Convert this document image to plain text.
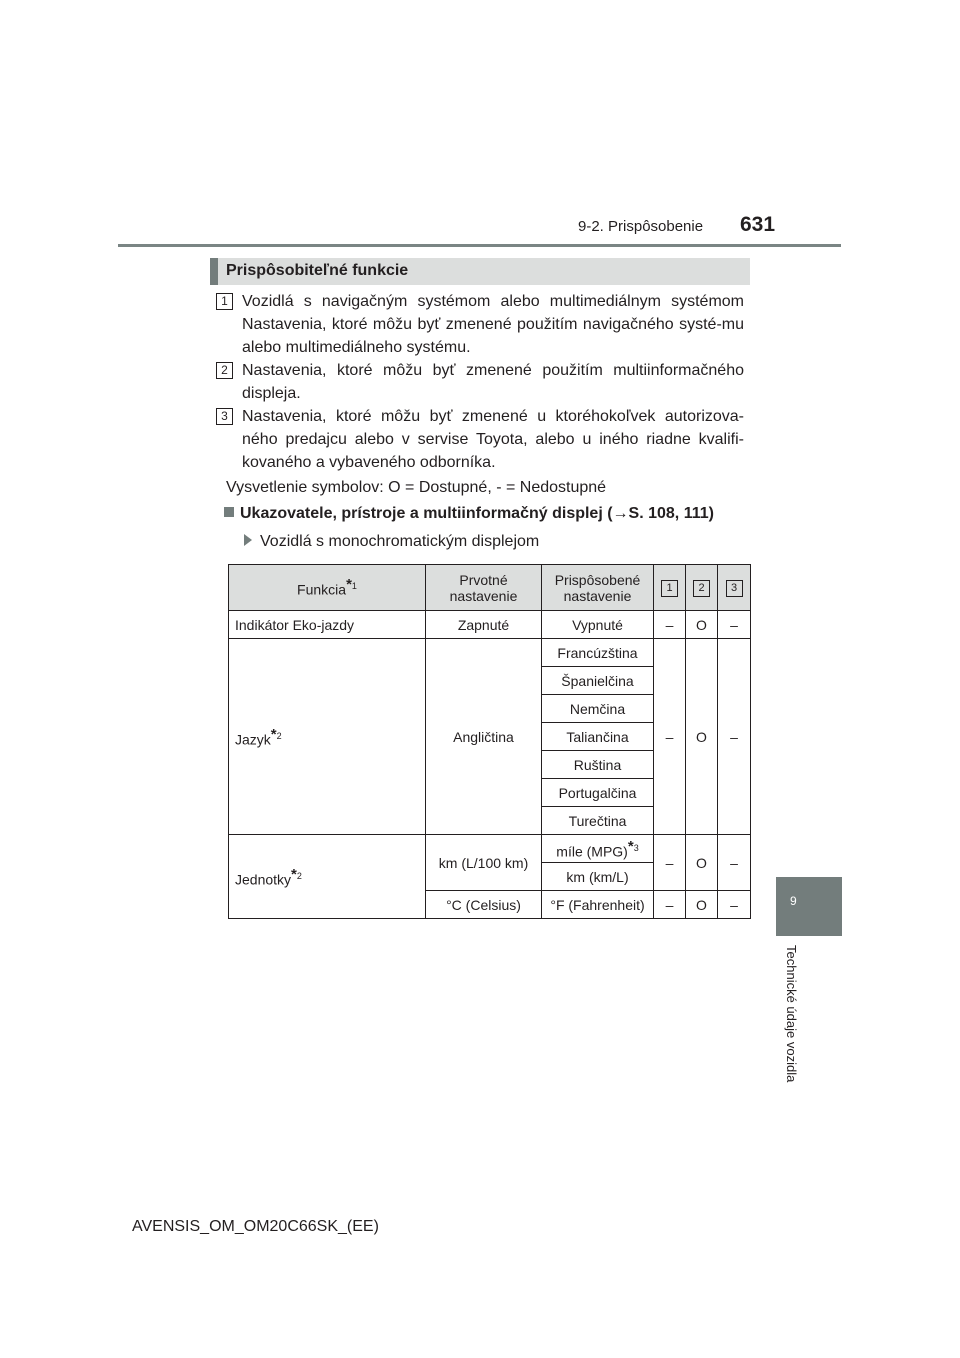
9-2. Prispôsobenie 631
9
Technické údaje vozidla
Prispôsobiteľné funkcie
1 Vozidlá s navigačným systémom alebo multimediálnym systémom Nastavenia, ktoré môžu byť zmenené použitím navigačného systé-mu alebo multimediálneho systému.
2 Nastavenia, ktoré môžu byť zmenené použitím multiinformačného displeja.
3 Nastavenia, ktoré môžu byť zmenené u ktoréhokoľvek autorizova-ného predajcu alebo v servise Toyota, alebo u iného riadne kvalifi-kovaného a vybaveného odborníka.
Vysvetlenie symbolov: O = Dostupné, - = Nedostupné
Ukazovatele, prístroje a multiinformačný displej (→S. 108, 111)
Vozidlá s monochromatickým displejom
Funkcia$^{*1}$	Prvotné nastavenie	Prispôsobené nastavenie	1	2	3
Indikátor Eko-jazdy	Zapnuté	Vypnuté	–	O	–
Jazyk$^{*2}$	Angličtina	Francúzština	–	O	–
		Španielčina			
		Nemčina			
		Taliančina			
		Ruština			
		Portugalčina			
		Turečtina			
Jednotky$^{*2}$	km (L/100 km)	míle (MPG)$^{*3}$	–	O	–
		km (km/L)			
	°C (Celsius)	°F (Fahrenheit)	–	O	–
AVENSIS_OM_OM20C66SK_(EE)
